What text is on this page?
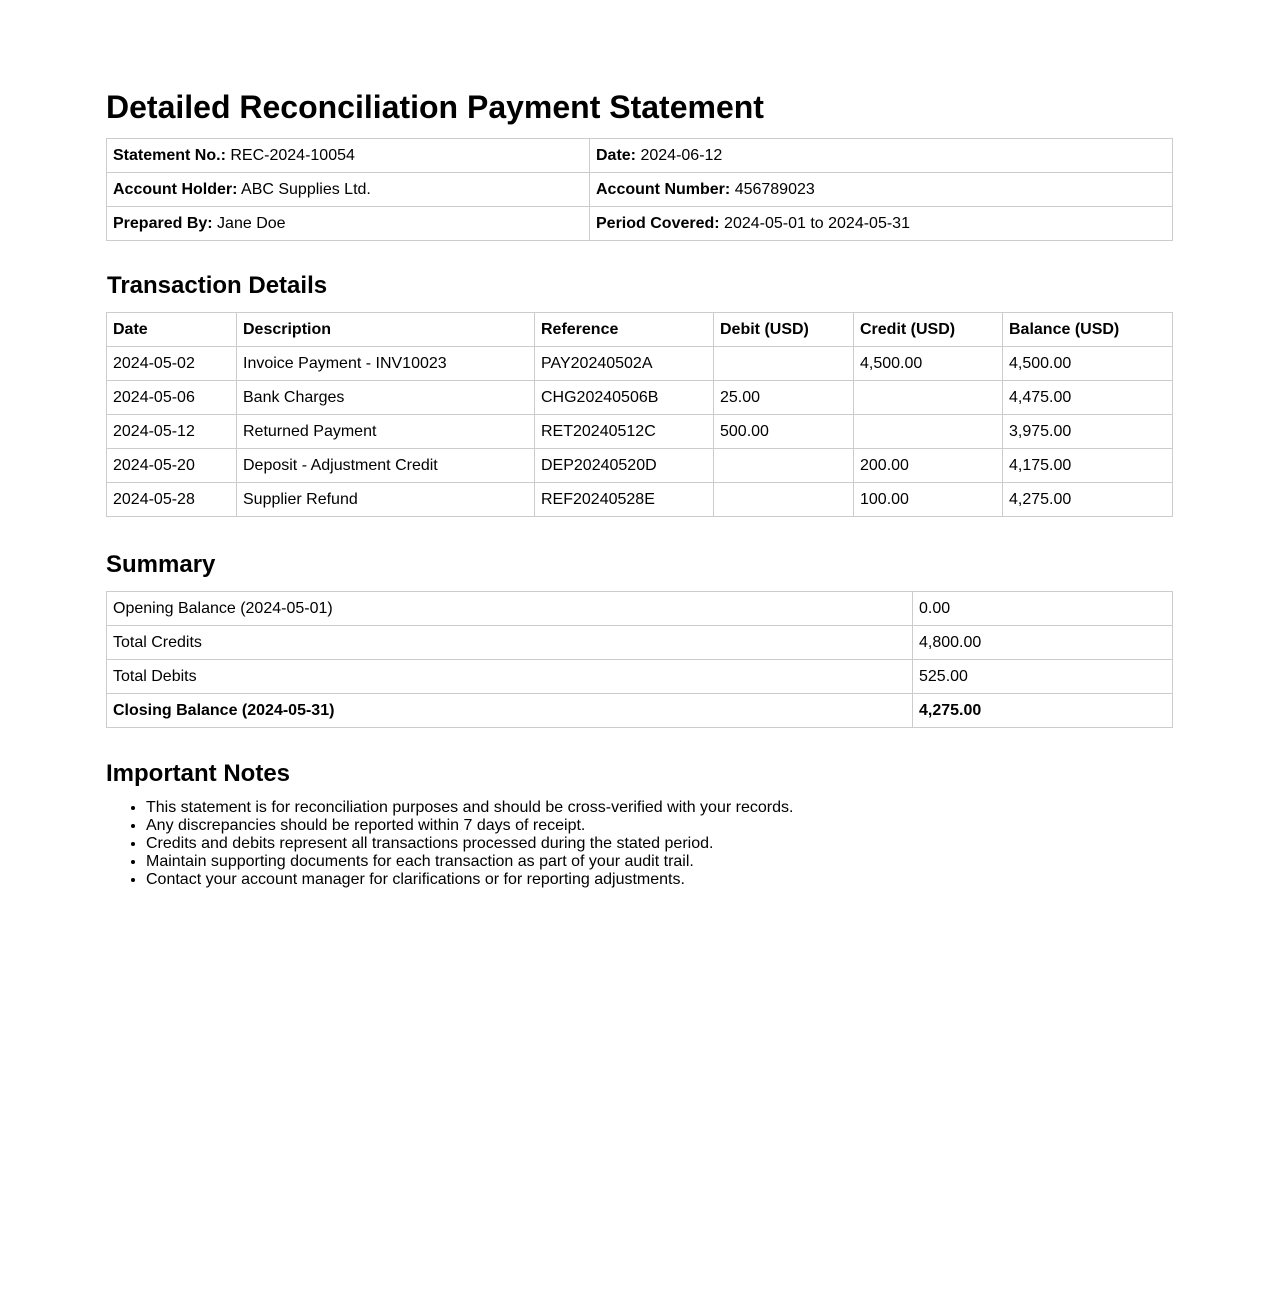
Detailed Reconciliation Payment Statement
Statement No.: REC-2024-10054	Date: 2024-06-12
Account Holder: ABC Supplies Ltd.	Account Number: 456789023
Prepared By: Jane Doe	Period Covered: 2024-05-01 to 2024-05-31
Transaction Details
Date	Description	Reference	Debit (USD)	Credit (USD)	Balance (USD)
2024-05-02	Invoice Payment - INV10023	PAY20240502A		4,500.00	4,500.00
2024-05-06	Bank Charges	CHG20240506B	25.00		4,475.00
2024-05-12	Returned Payment	RET20240512C	500.00		3,975.00
2024-05-20	Deposit - Adjustment Credit	DEP20240520D		200.00	4,175.00
2024-05-28	Supplier Refund	REF20240528E		100.00	4,275.00
Summary
Opening Balance (2024-05-01)	0.00
Total Credits	4,800.00
Total Debits	525.00
Closing Balance (2024-05-31)	4,275.00
Important Notes
• This statement is for reconciliation purposes and should be cross-verified with your records.
• Any discrepancies should be reported within 7 days of receipt.
• Credits and debits represent all transactions processed during the stated period.
• Maintain supporting documents for each transaction as part of your audit trail.
• Contact your account manager for clarifications or for reporting adjustments.
